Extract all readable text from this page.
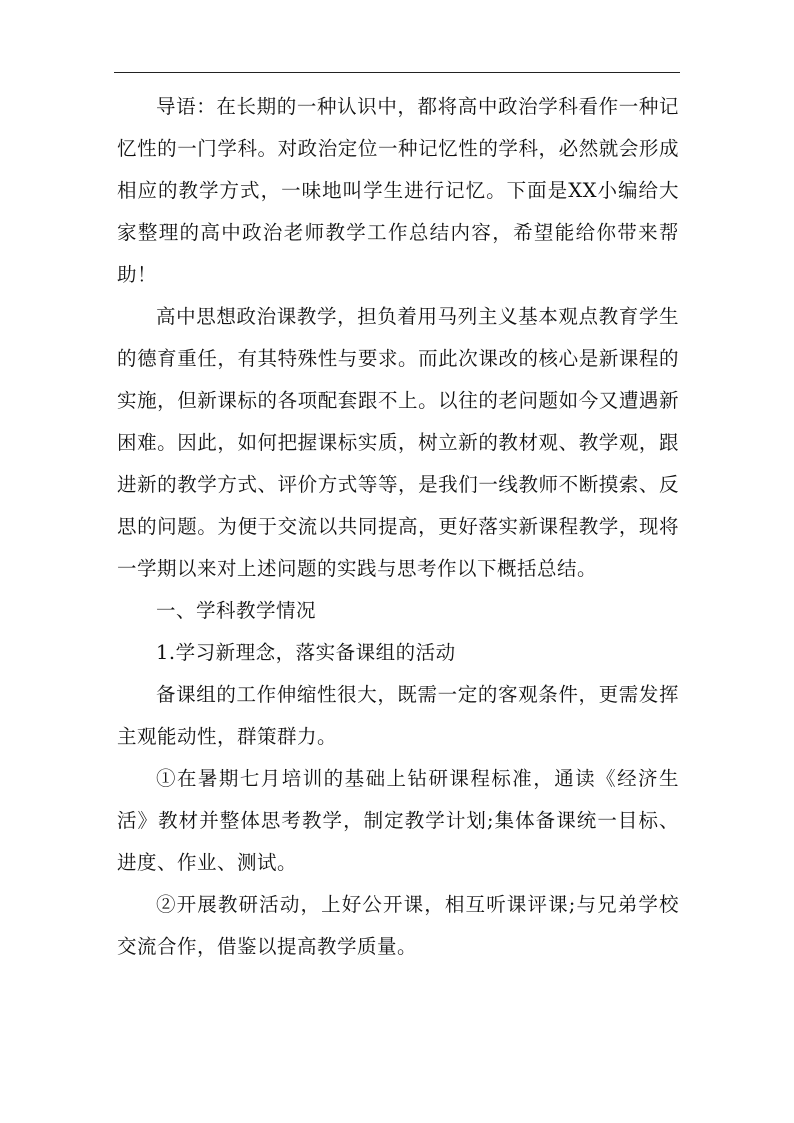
导语：在长期的一种认识中，都将高中政治学科看作一种记忆性的一门学科。对政治定位一种记忆性的学科，必然就会形成相应的教学方式，一味地叫学生进行记忆。下面是XX小编给大家整理的高中政治老师教学工作总结内容，希望能给你带来帮助！

高中思想政治课教学，担负着用马列主义基本观点教育学生的德育重任，有其特殊性与要求。而此次课改的核心是新课程的实施，但新课标的各项配套跟不上。以往的老问题如今又遭遇新困难。因此，如何把握课标实质，树立新的教材观、教学观，跟进新的教学方式、评价方式等等，是我们一线教师不断摸索、反思的问题。为便于交流以共同提高，更好落实新课程教学，现将一学期以来对上述问题的实践与思考作以下概括总结。

一、学科教学情况

1.学习新理念，落实备课组的活动

备课组的工作伸缩性很大，既需一定的客观条件，更需发挥主观能动性，群策群力。

①在暑期七月培训的基础上钻研课程标准，通读《经济生活》教材并整体思考教学，制定教学计划;集体备课统一目标、进度、作业、测试。

②开展教研活动，上好公开课，相互听课评课;与兄弟学校交流合作，借鉴以提高教学质量。
